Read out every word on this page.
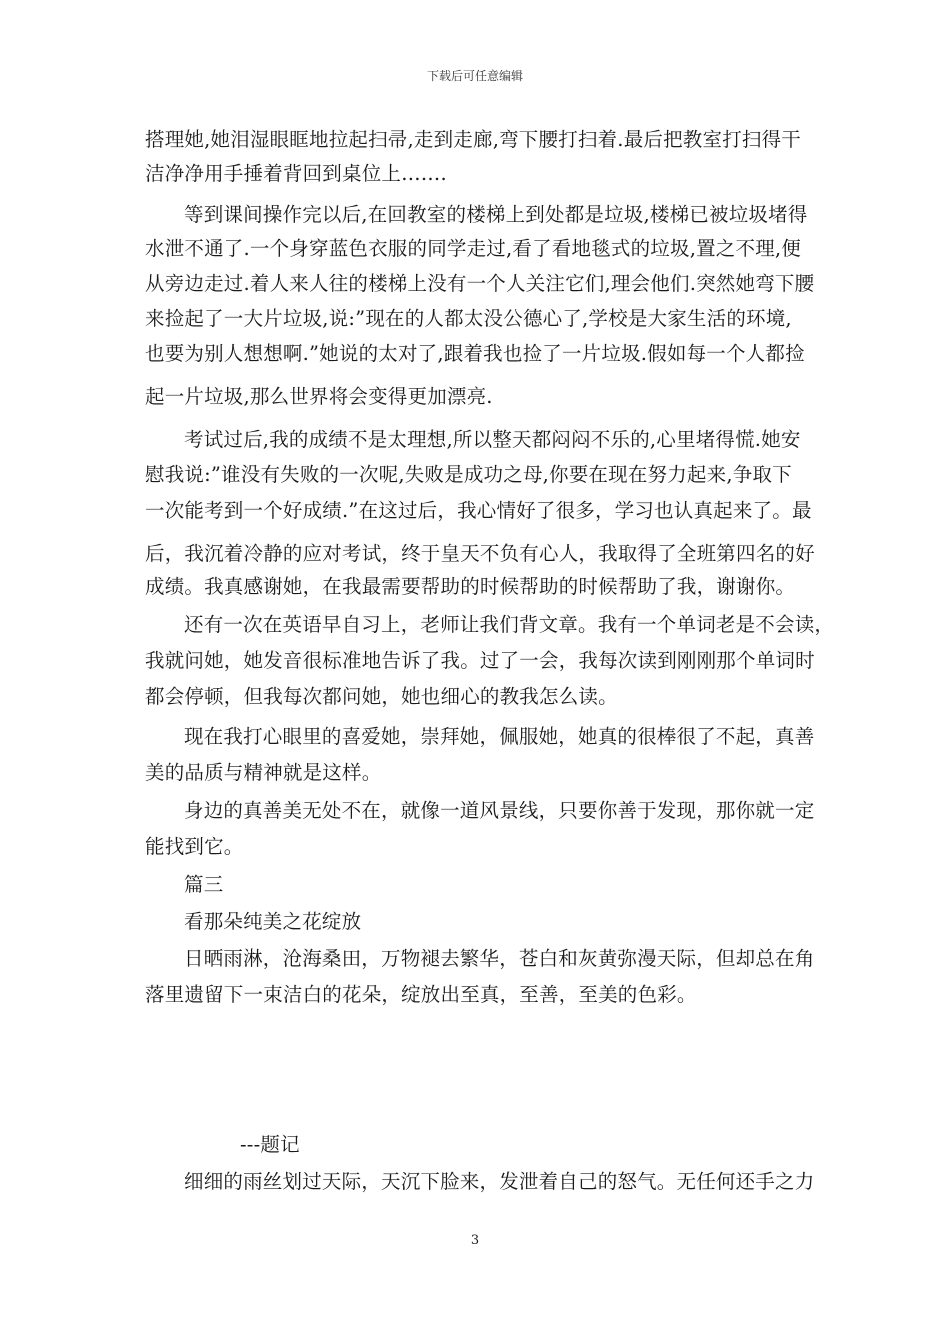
下载后可任意编辑
搭理她,她泪湿眼眶地拉起扫帚,走到走廊,弯下腰打扫着.最后把教室打扫得干
洁净净用手捶着背回到桌位上…….
等到课间操作完以后,在回教室的楼梯上到处都是垃圾,楼梯已被垃圾堵得
水泄不通了.一个身穿蓝色衣服的同学走过,看了看地毯式的垃圾,置之不理,便
从旁边走过.着人来人往的楼梯上没有一个人关注它们,理会他们.突然她弯下腰
来捡起了一大片垃圾,说:”现在的人都太没公德心了,学校是大家生活的环境,
也要为别人想想啊.”她说的太对了,跟着我也捡了一片垃圾.假如每一个人都捡
起一片垃圾,那么世界将会变得更加漂亮.
考试过后,我的成绩不是太理想,所以整天都闷闷不乐的,心里堵得慌.她安
慰我说:”谁没有失败的一次呢,失败是成功之母,你要在现在努力起来,争取下
一次能考到一个好成绩.”在这过后，我心情好了很多，学习也认真起来了。最
后，我沉着冷静的应对考试，终于皇天不负有心人，我取得了全班第四名的好
成绩。我真感谢她，在我最需要帮助的时候帮助的时候帮助了我，谢谢你。
还有一次在英语早自习上，老师让我们背文章。我有一个单词老是不会读，
我就问她，她发音很标准地告诉了我。过了一会，我每次读到刚刚那个单词时
都会停顿，但我每次都问她，她也细心的教我怎么读。
现在我打心眼里的喜爱她，崇拜她，佩服她，她真的很棒很了不起，真善
美的品质与精神就是这样。
身边的真善美无处不在，就像一道风景线，只要你善于发现，那你就一定
能找到它。
篇三
看那朵纯美之花绽放
日晒雨淋，沧海桑田，万物褪去繁华，苍白和灰黄弥漫天际，但却总在角
落里遗留下一束洁白的花朵，绽放出至真，至善，至美的色彩。
---题记
细细的雨丝划过天际，天沉下脸来，发泄着自己的怒气。无任何还手之力
3
